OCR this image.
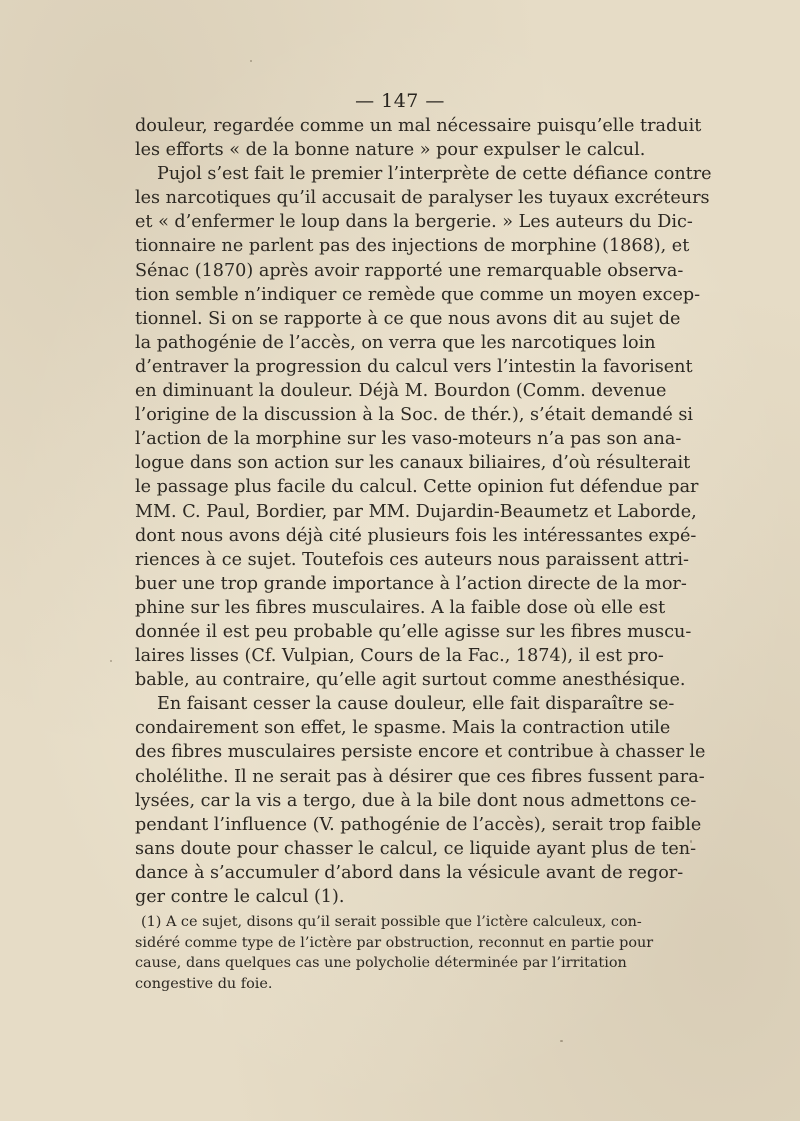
— 147 —
douleur, regardée comme un mal nécessaire puisqu’elle traduit
les efforts « de la bonne nature » pour expulser le calcul.
Pujol s’est fait le premier l’interprète de cette défiance contre
les narcotiques qu’il accusait de paralyser les tuyaux excréteurs
et « d’enfermer le loup dans la bergerie. » Les auteurs du Dic-
tionnaire ne parlent pas des injections de morphine (1868), et
Sénac (1870) après avoir rapporté une remarquable observa-
tion semble n’indiquer ce remède que comme un moyen excep-
tionnel. Si on se rapporte à ce que nous avons dit au sujet de
la pathogénie de l’accès, on verra que les narcotiques loin
d’entraver la progression du calcul vers l’intestin la favorisent
en diminuant la douleur. Déjà M. Bourdon (Comm. devenue
l’origine de la discussion à la Soc. de thér.), s’était demandé si
l’action de la morphine sur les vaso-moteurs n’a pas son ana-
logue dans son action sur les canaux biliaires, d’où résulterait
le passage plus facile du calcul. Cette opinion fut défendue par
MM. C. Paul, Bordier, par MM. Dujardin-Beaumetz et Laborde,
dont nous avons déjà cité plusieurs fois les intéressantes expé-
riences à ce sujet. Toutefois ces auteurs nous paraissent attri-
buer une trop grande importance à l’action directe de la mor-
phine sur les fibres musculaires. A la faible dose où elle est
donnée il est peu probable qu’elle agisse sur les fibres muscu-
laires lisses (Cf. Vulpian, Cours de la Fac., 1874), il est pro-
bable, au contraire, qu’elle agit surtout comme anesthésique.
En faisant cesser la cause douleur, elle fait disparaître se-
condairement son effet, le spasme. Mais la contraction utile
des fibres musculaires persiste encore et contribue à chasser le
cholélithe. Il ne serait pas à désirer que ces fibres fussent para-
lysées, car la vis a tergo, due à la bile dont nous admettons ce-
pendant l’influence (V. pathogénie de l’accès), serait trop faible
sans doute pour chasser le calcul, ce liquide ayant plus de ten-
dance à s’accumuler d’abord dans la vésicule avant de regor-
ger contre le calcul (1).
(1) A ce sujet, disons qu’il serait possible que l’ictère calculeux, con-
sidéré comme type de l’ictère par obstruction, reconnut en partie pour
cause, dans quelques cas une polycholie déterminée par l’irritation
congestive du foie.
